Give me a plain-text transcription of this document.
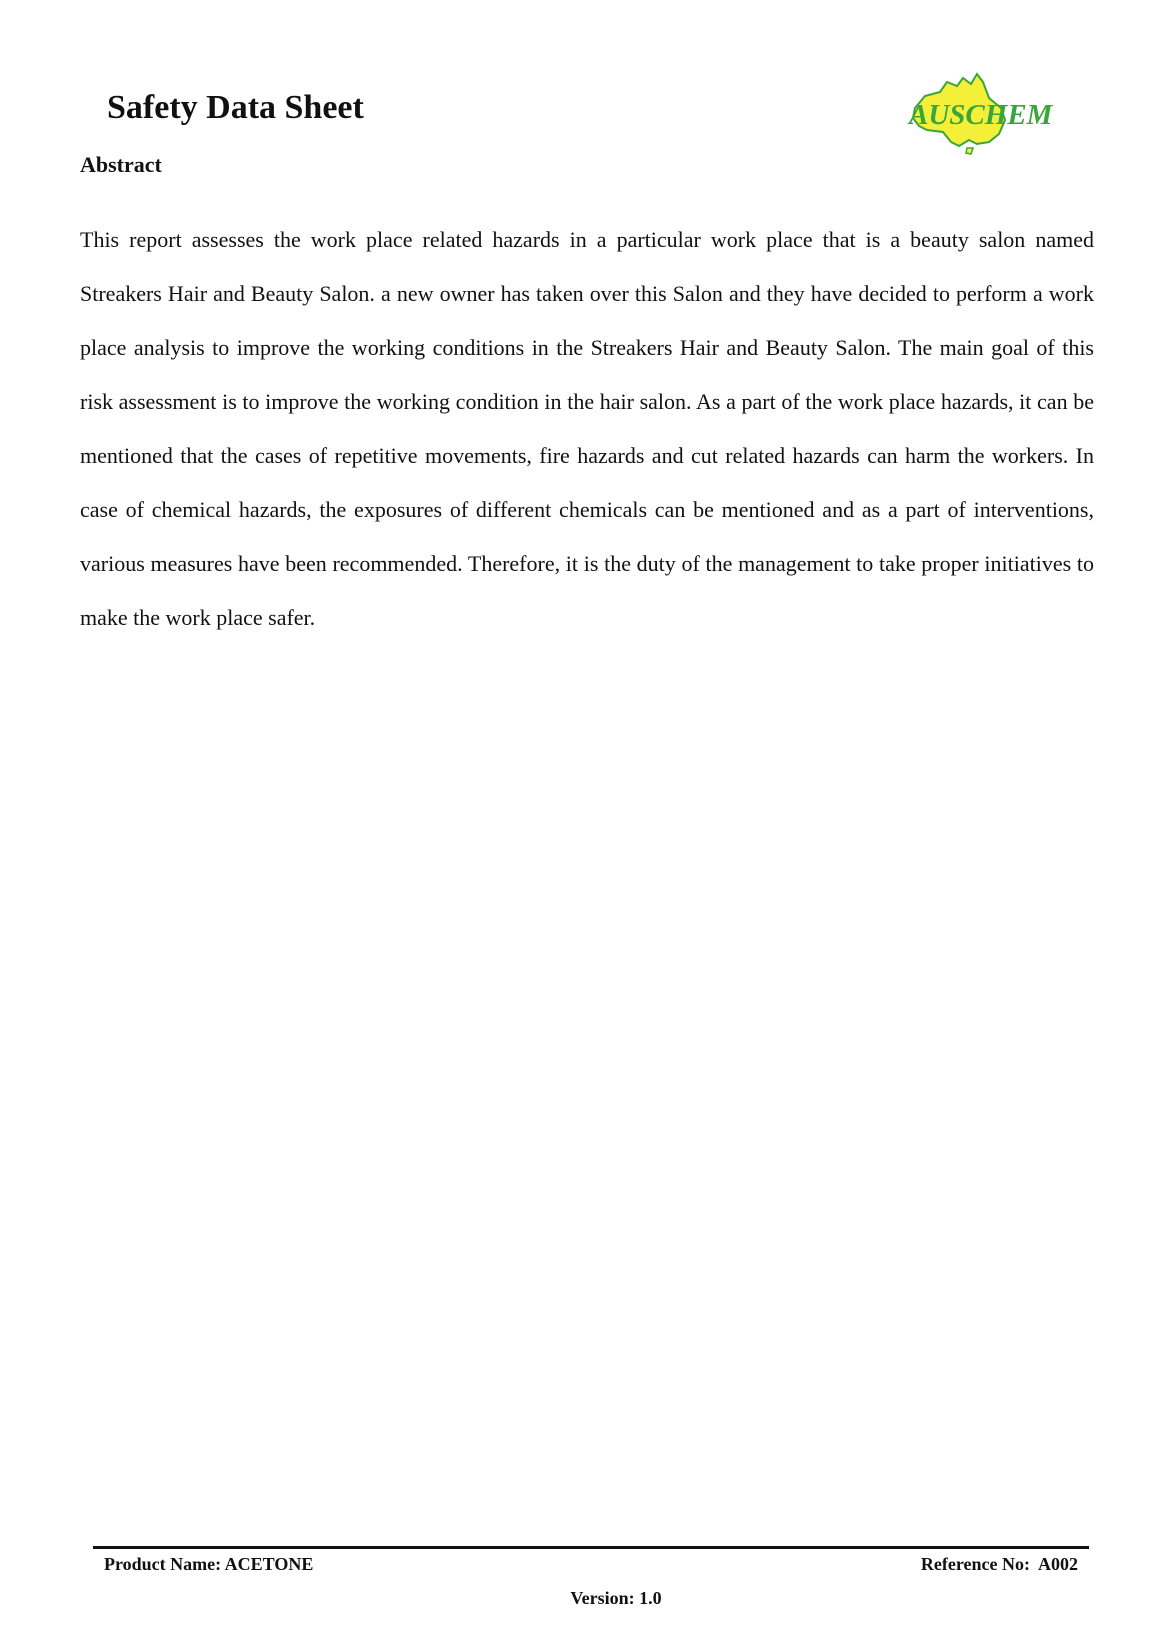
Safety Data Sheet	AUSCHEM
Abstract

This report assesses the work place related hazards in a particular work place that is a beauty salon named Streakers Hair and Beauty Salon. a new owner has taken over this Salon and they have decided to perform a work place analysis to improve the working conditions in the Streakers Hair and Beauty Salon. The main goal of this risk assessment is to improve the working condition in the hair salon. As a part of the work place hazards, it can be mentioned that the cases of repetitive movements, fire hazards and cut related hazards can harm the workers. In case of chemical hazards, the exposures of different chemicals can be mentioned and as a part of interventions, various measures have been recommended. Therefore, it is the duty of the management to take proper initiatives to make the work place safer.

Product Name: ACETONE	Reference No:  A002
Version: 1.0
